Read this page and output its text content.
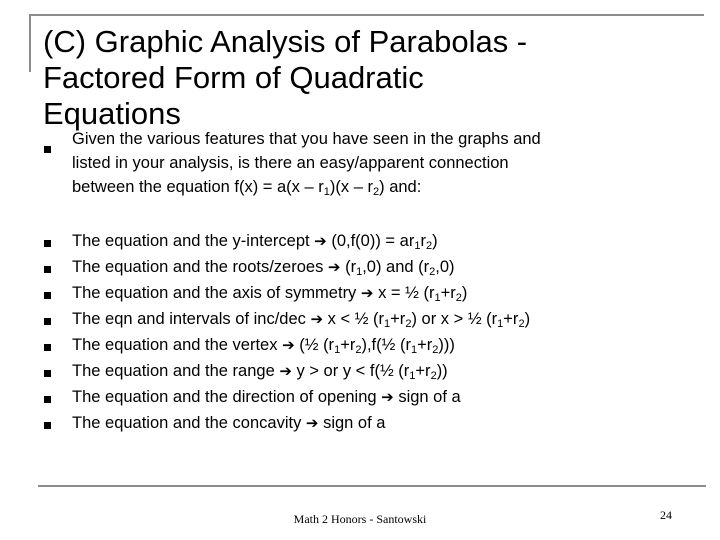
(C) Graphic Analysis of Parabolas -
Factored Form of Quadratic
Equations
Given the various features that you have seen in the graphs and
listed in your analysis, is there an easy/apparent connection
between the equation $f(x) = a(x - r_1)(x - r_2)$ and:
The equation and the y-intercept ➔ $(0,f(0)) = ar_1r_2$)
The equation and the roots/zeroes ➔ $(r_1,0)$ and $(r_2,0)$
The equation and the axis of symmetry ➔ x = ½ $(r_1+r_2)$
The eqn and intervals of inc/dec ➔ x < ½ $(r_1+r_2)$ or x > ½ $(r_1+r_2)$
The equation and the vertex ➔ (½ $(r_1+r_2),f(\frac{1}{2}$ $(r_1+r_2)$))
The equation and the range ➔ y > or y < f(½ $(r_1+r_2)$)
The equation and the direction of opening ➔ sign of a
The equation and the concavity ➔ sign of a
Math 2 Honors - Santowski	24
